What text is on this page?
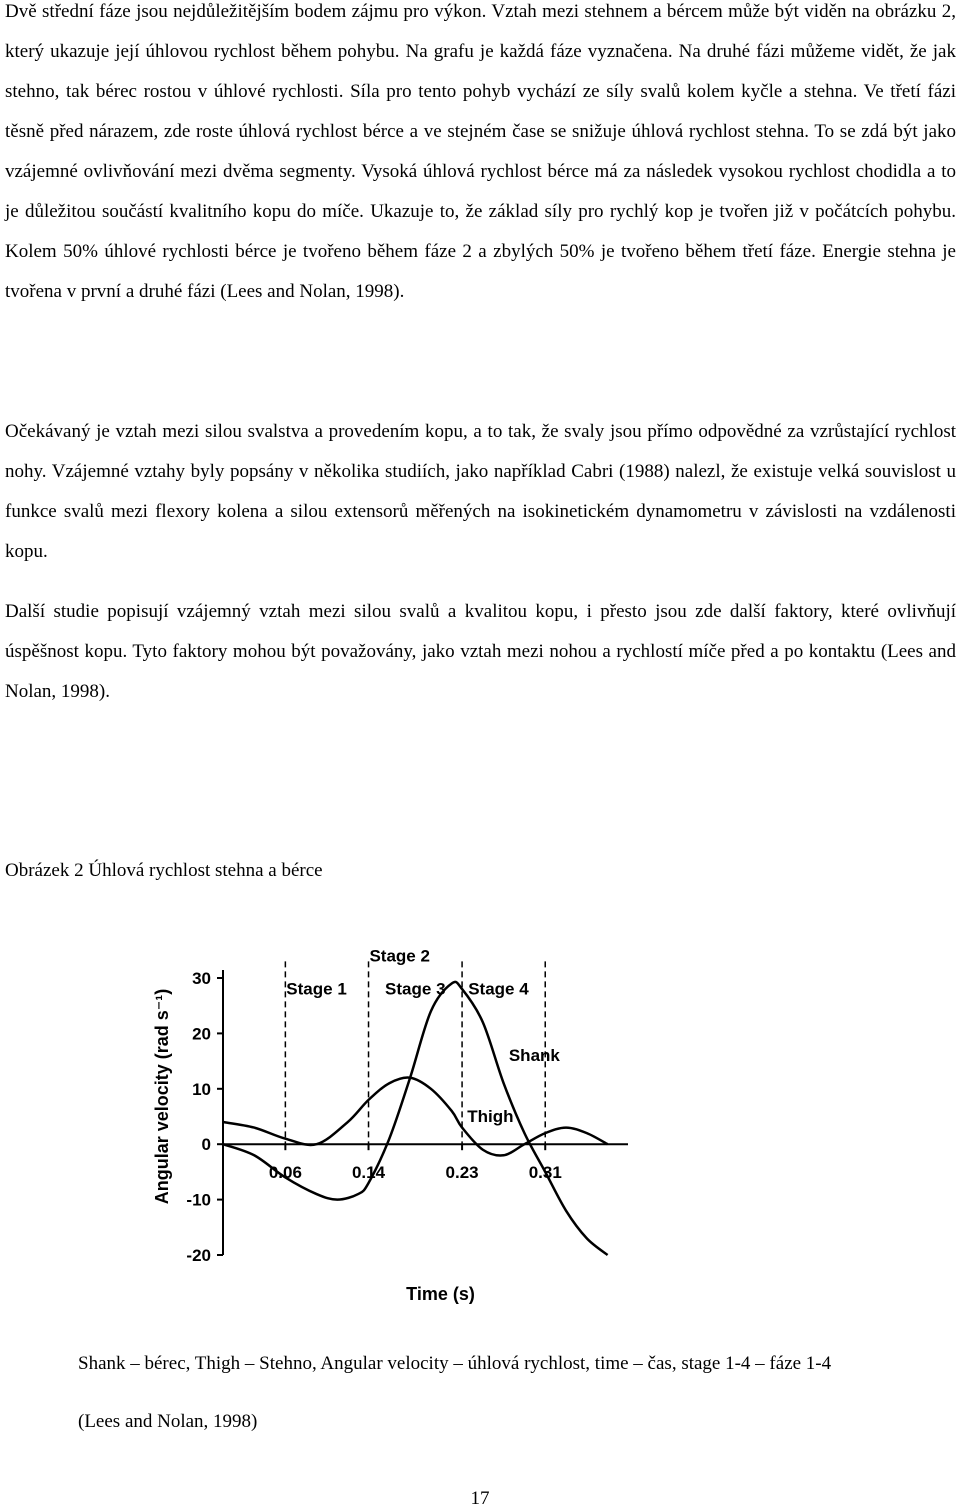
Dvě střední fáze jsou nejdůležitějším bodem zájmu pro výkon. Vztah mezi stehnem a bércem může být viděn na obrázku 2, který ukazuje její úhlovou rychlost během pohybu. Na grafu je každá fáze vyznačena. Na druhé fázi můžeme vidět, že jak stehno, tak bérec rostou v úhlové rychlosti. Síla pro tento pohyb vychází ze síly svalů kolem kyčle a stehna. Ve třetí fázi těsně před nárazem, zde roste úhlová rychlost bérce a ve stejném čase se snižuje úhlová rychlost stehna. To se zdá být jako vzájemné ovlivňování mezi dvěma segmenty. Vysoká úhlová rychlost bérce má za následek vysokou rychlost chodidla a to je důležitou součástí kvalitního kopu do míče. Ukazuje to, že základ síly pro rychlý kop je tvořen již v počátcích pohybu. Kolem 50% úhlové rychlosti bérce je tvořeno během fáze 2 a zbylých 50% je tvořeno během třetí fáze. Energie stehna je tvořena v první a druhé fázi (Lees and Nolan, 1998).

Očekávaný je vztah mezi silou svalstva a provedením kopu, a to tak, že svaly jsou přímo odpovědné za vzrůstající rychlost nohy. Vzájemné vztahy byly popsány v několika studiích, jako například Cabri (1988) nalezl, že existuje velká souvislost u funkce svalů mezi flexory kolena a silou extensorů měřených na isokinetickém dynamometru v závislosti na vzdálenosti kopu.

Další studie popisují vzájemný vztah mezi silou svalů a kvalitou kopu, i přesto jsou zde další faktory, které ovlivňují úspěšnost kopu. Tyto faktory mohou být považovány, jako vztah mezi nohou a rychlostí míče před a po kontaktu (Lees and Nolan, 1998).

Obrázek 2 Úhlová rychlost stehna a bérce

-20
-10
0
10
20
30
0.06	0.14	0.23	0.31
Shank
Thigh
Stage 1
Stage 2
Stage 3 Stage 4
Time (s)
Angular velocity (rad s⁻¹)

Shank – bérec, Thigh – Stehno, Angular velocity – úhlová rychlost, time – čas, stage 1-4 – fáze 1-4

(Lees and Nolan, 1998)

17
